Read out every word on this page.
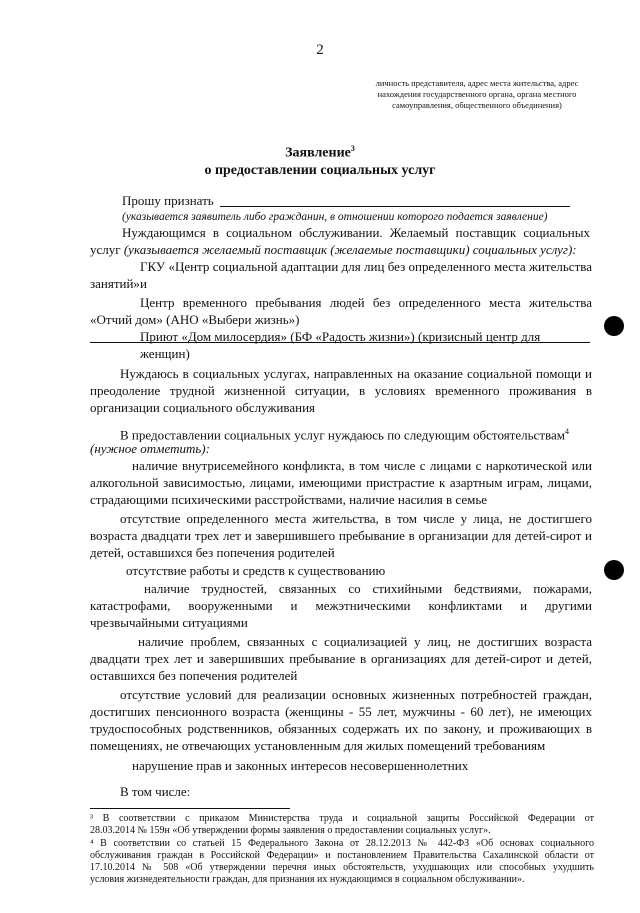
2
личность представителя, адрес места жительства, адрес нахождения государственного органа, органа местного самоуправления, общественного объединения)
Заявление$^3$
о предоставлении социальных услуг
Прошу признать
(указывается заявитель либо гражданин, в отношении которого подается заявление)
Нуждающимся в социальном обслуживании. Желаемый поставщик социальных
услуг (указывается желаемый поставщик (желаемые поставщики) социальных услуг):
ГКУ «Центр социальной адаптации для лиц без определенного места жительства и
занятий»
Центр временного пребывания людей без определенного места жительства
«Отчий дом» (АНО «Выбери жизнь»)
Приют «Дом милосердия» (БФ «Радость жизни») (кризисный центр для женщин)
Нуждаюсь в социальных услугах, направленных на оказание социальной помощи и
преодоление трудной жизненной ситуации, в условиях временного проживания в
организации социального обслуживания
В предоставлении социальных услуг нуждаюсь по следующим обстоятельствам$^4$
(нужное отметить):
наличие внутрисемейного конфликта, в том числе с лицами с наркотической или
алкогольной зависимостью, лицами, имеющими пристрастие к азартным играм, лицами,
страдающими психическими расстройствами, наличие насилия в семье
отсутствие определенного места жительства, в том числе у лица, не достигшего
возраста двадцати трех лет и завершившего пребывание в организации для детей-сирот и
детей, оставшихся без попечения родителей
отсутствие работы и средств к существованию
наличие трудностей, связанных со стихийными бедствиями, пожарами,
катастрофами, вооруженными и межэтническими конфликтами и другими
чрезвычайными ситуациями
наличие проблем, связанных с социализацией у лиц, не достигших возраста
двадцати трех лет и завершивших пребывание в организациях для детей-сирот и детей,
оставшихся без попечения родителей
отсутствие условий для реализации основных жизненных потребностей граждан,
достигших пенсионного возраста (женщины - 55 лет, мужчины - 60 лет), не имеющих
трудоспособных родственников, обязанных содержать их по закону, и проживающих в
помещениях, не отвечающих установленным для жилых помещений требованиям
нарушение прав и законных интересов несовершеннолетних
В том числе:
³ В соответствии с приказом Министерства труда и социальной защиты Российской Федерации от
28.03.2014 № 159н «Об утверждении формы заявления о предоставлении социальных услуг».
⁴ В соответствии со статьей 15 Федерального Закона от 28.12.2013 № 442-ФЗ «Об основах социального
обслуживания граждан в Российской Федерации» и постановлением Правительства Сахалинской области от
17.10.2014 № 508 «Об утверждении перечня иных обстоятельств, ухудшающих или способных ухудшить
условия жизнедеятельности граждан, для признания их нуждающимся в социальном обслуживании».
